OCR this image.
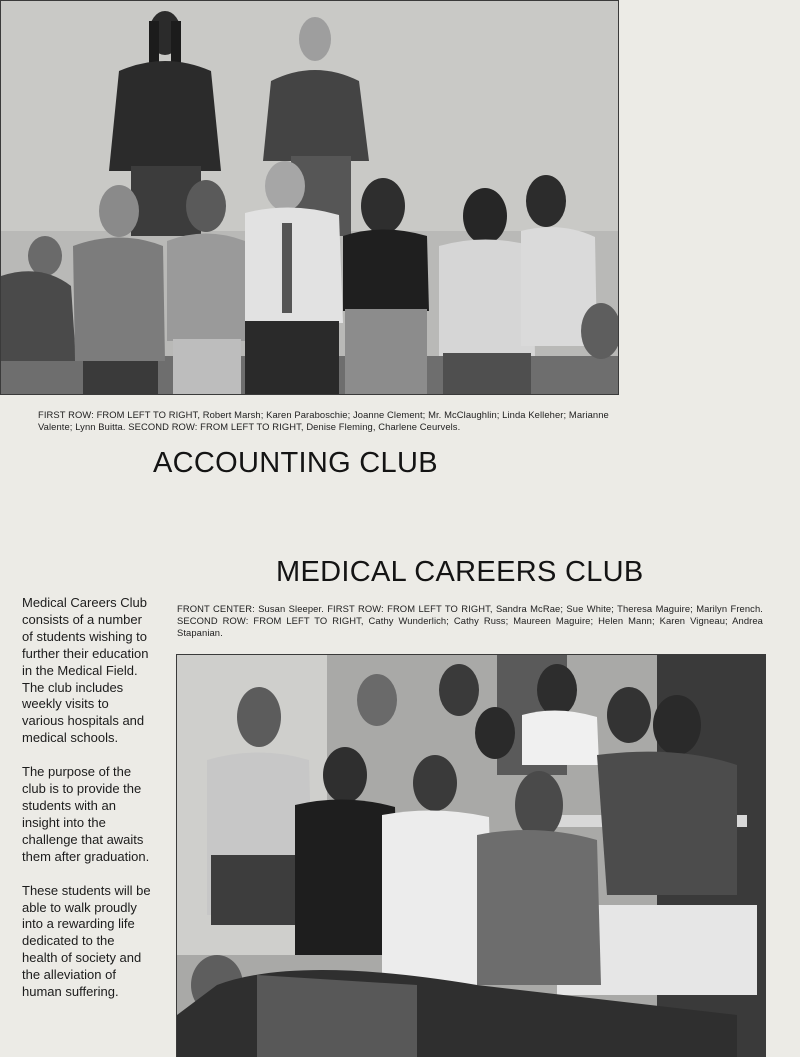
FIRST ROW: FROM LEFT TO RIGHT, Robert Marsh; Karen Paraboschie; Joanne Clement; Mr. McClaughlin; Linda Kelleher; Marianne Valente; Lynn Buitta. SECOND ROW: FROM LEFT TO RIGHT, Denise Fleming, Charlene Ceurvels.

ACCOUNTING CLUB
MEDICAL CAREERS CLUB

FRONT CENTER: Susan Sleeper. FIRST ROW: FROM LEFT TO RIGHT, Sandra McRae; Sue White; Theresa Maguire; Marilyn French. SECOND ROW: FROM LEFT TO RIGHT, Cathy Wunderlich; Cathy Russ; Maureen Maguire; Helen Mann; Karen Vigneau; Andrea Stapanian.

Medical Careers Club consists of a number of students wishing to further their education in the Medical Field. The club includes weekly visits to various hospitals and medical schools.

The purpose of the club is to provide the students with an insight into the challenge that awaits them after graduation.

These students will be able to walk proudly into a rewarding life dedicated to the health of society and the alleviation of human suffering.
